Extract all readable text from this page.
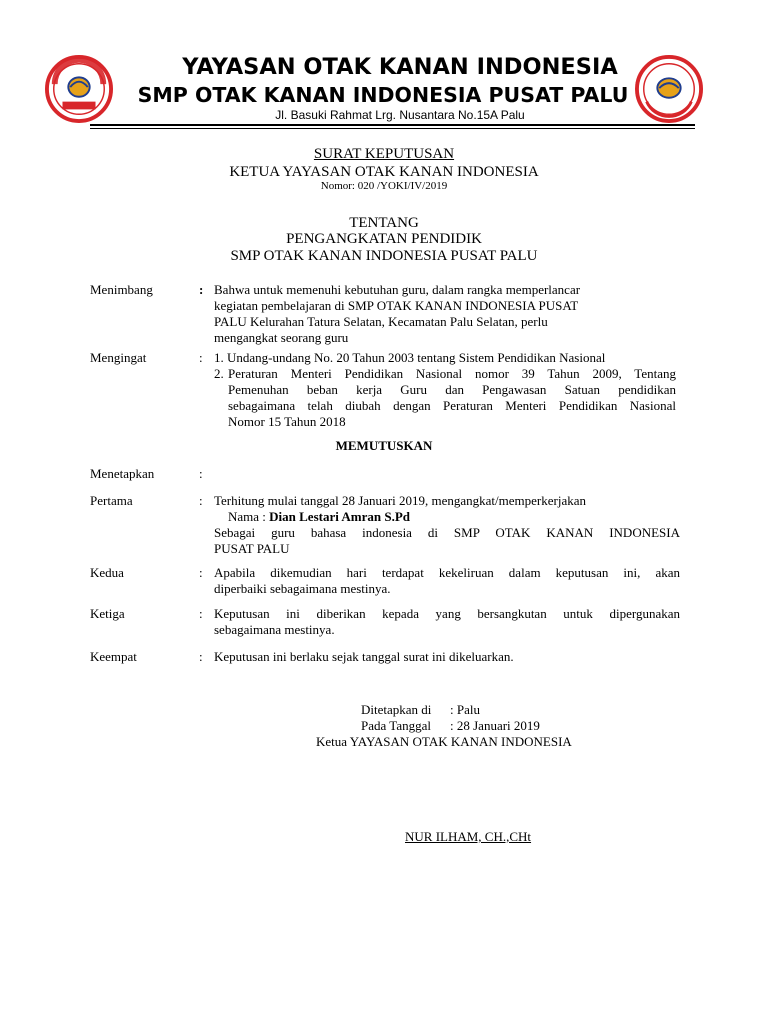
YAYASAN OTAK KANAN INDONESIA
SMP OTAK KANAN INDONESIA PUSAT PALU
Jl. Basuki Rahmat Lrg. Nusantara No.15A Palu
SURAT KEPUTUSAN
KETUA YAYASAN OTAK KANAN INDONESIA
Nomor: 020 /YOKI/IV/2019
TENTANG
PENGANGKATAN PENDIDIK
SMP OTAK KANAN INDONESIA PUSAT PALU
Menimbang	: Bahwa untuk memenuhi kebutuhan guru, dalam rangka memperlancar
kegiatan pembelajaran di SMP OTAK KANAN INDONESIA PUSAT
PALU Kelurahan Tatura Selatan, Kecamatan Palu Selatan, perlu
mengangkat seorang guru
Mengingat	: 1. Undang-undang No. 20 Tahun 2003 tentang Sistem Pendidikan Nasional
2. Peraturan Menteri Pendidikan Nasional nomor 39 Tahun 2009, Tentang
Pemenuhan beban kerja Guru dan Pengawasan Satuan pendidikan
sebagaimana telah diubah dengan Peraturan Menteri Pendidikan Nasional
Nomor 15 Tahun 2018
MEMUTUSKAN
Menetapkan	:
Pertama	: Terhitung mulai tanggal 28 Januari 2019, mengangkat/memperkerjakan
Nama : Dian Lestari Amran S.Pd
Sebagai guru bahasa indonesia di SMP OTAK KANAN INDONESIA
PUSAT PALU
Kedua	: Apabila dikemudian hari terdapat kekeliruan dalam keputusan ini, akan
diperbaiki sebagaimana mestinya.
Ketiga	: Keputusan ini diberikan kepada yang bersangkutan untuk dipergunakan
sebagaimana mestinya.
Keempat	: Keputusan ini berlaku sejak tanggal surat ini dikeluarkan.
Ditetapkan di : Palu
Pada Tanggal : 28 Januari 2019
Ketua YAYASAN OTAK KANAN INDONESIA
NUR ILHAM, CH.,CHt
